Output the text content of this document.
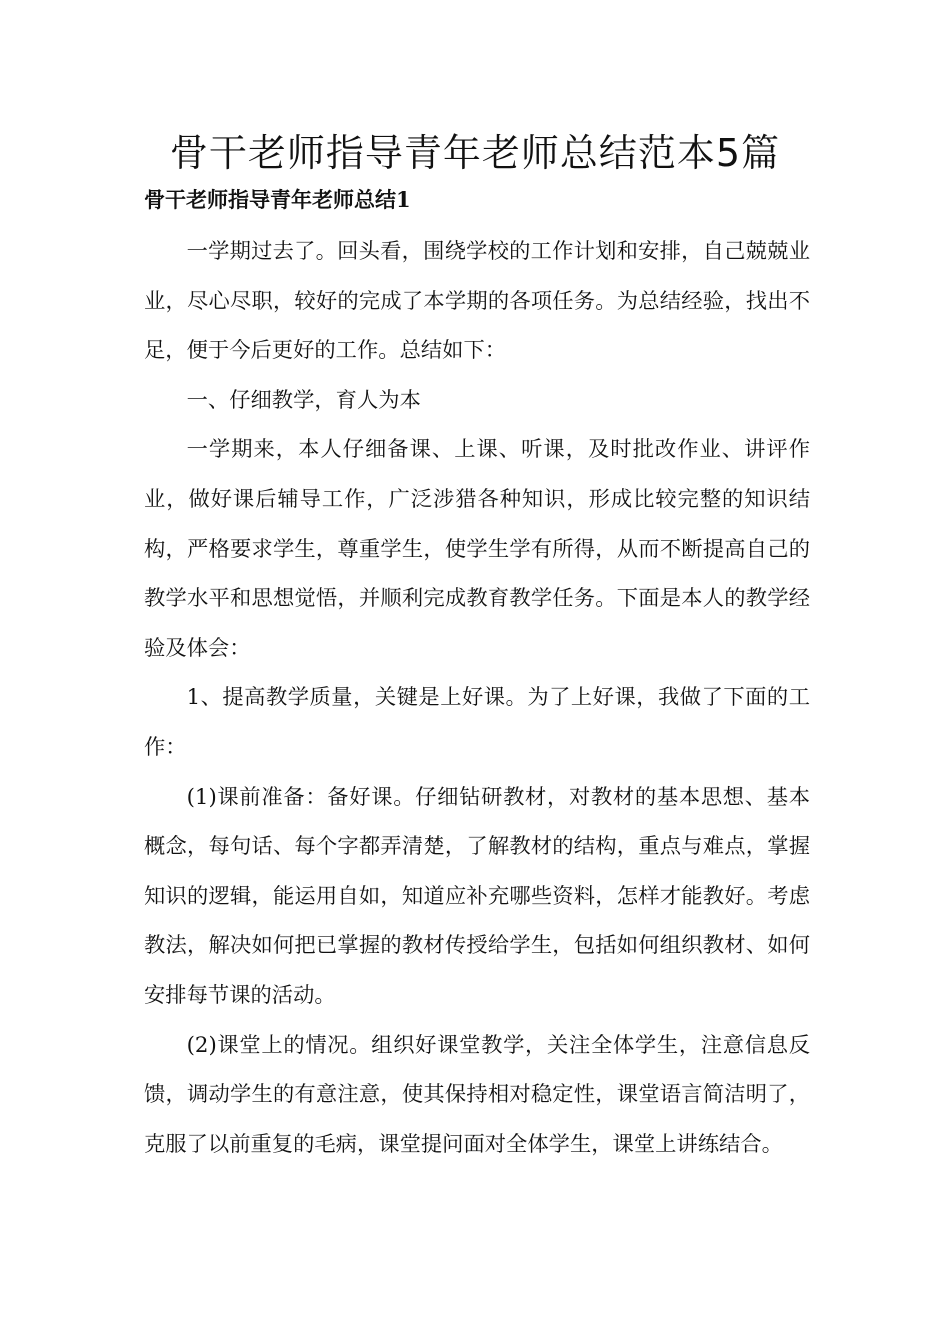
骨干老师指导青年老师总结范本5篇
骨干老师指导青年老师总结1

一学期过去了。回头看，围绕学校的工作计划和安排，自己兢兢业业，尽心尽职，较好的完成了本学期的各项任务。为总结经验，找出不足，便于今后更好的工作。总结如下：

一、仔细教学，育人为本

一学期来，本人仔细备课、上课、听课，及时批改作业、讲评作业，做好课后辅导工作，广泛涉猎各种知识，形成比较完整的知识结构，严格要求学生，尊重学生，使学生学有所得，从而不断提高自己的教学水平和思想觉悟，并顺利完成教育教学任务。下面是本人的教学经验及体会：

1、提高教学质量，关键是上好课。为了上好课，我做了下面的工作：

(1)课前准备：备好课。仔细钻研教材，对教材的基本思想、基本概念，每句话、每个字都弄清楚，了解教材的结构，重点与难点，掌握知识的逻辑，能运用自如，知道应补充哪些资料，怎样才能教好。考虑教法，解决如何把已掌握的教材传授给学生，包括如何组织教材、如何安排每节课的活动。

(2)课堂上的情况。组织好课堂教学，关注全体学生，注意信息反馈，调动学生的有意注意，使其保持相对稳定性，课堂语言简洁明了，克服了以前重复的毛病，课堂提问面对全体学生，课堂上讲练结合。
